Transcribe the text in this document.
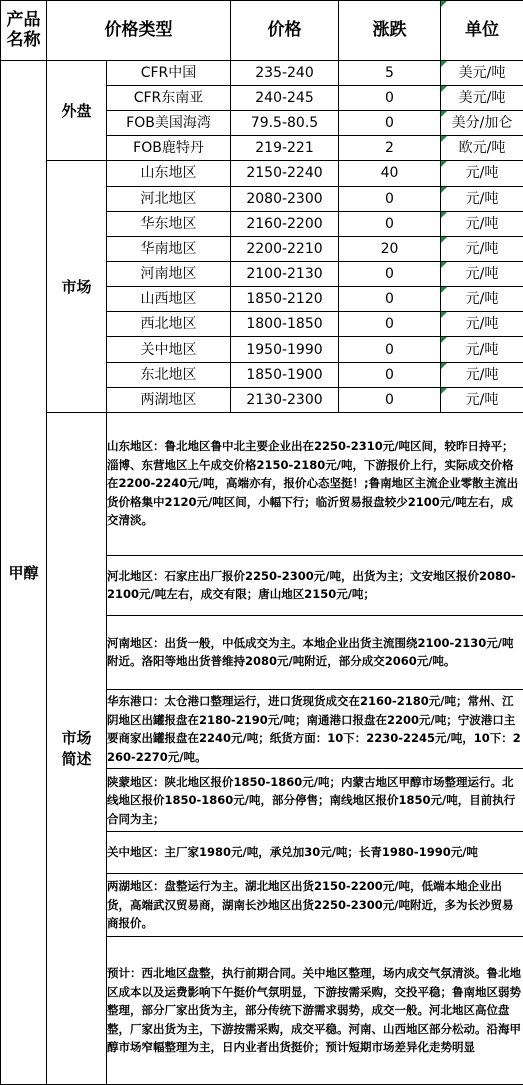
产品
名称	价格类型		价格	涨跌	单位
甲醇	外盘	CFR中国	235-240	5	美元/吨
		CFR东南亚	240-245	0	美元/吨
		FOB美国海湾	79.5-80.5	0	美分/加仑
		FOB鹿特丹	219-221	2	欧元/吨
	市场	山东地区	2150-2240	40	元/吨
		河北地区	2080-2300	0	元/吨
		华东地区	2160-2200	0	元/吨
		华南地区	2200-2210	20	元/吨
		河南地区	2100-2130	0	元/吨
		山西地区	1850-2120	0	元/吨
		西北地区	1800-1850	0	元/吨
		关中地区	1950-1990	0	元/吨
		东北地区	1850-1900	0	元/吨
		两湖地区	2130-2300	0	元/吨

	市场
简述	山东地区：鲁北地区鲁中北主要企业出在2250-2310元/吨区间，较昨日持平；淄博、东营地区上午成交价格2150-2180元/吨，下游报价上行，实际成交价格在2200-2240元/吨，高端亦有，报价心态坚挺！;鲁南地区主流企业零散主流出货价格集中2120元/吨区间，小幅下行；临沂贸易报盘较少2100元/吨左右，成交清淡。			
		河北地区：石家庄出厂报价2250-2300元/吨，出货为主；文安地区报价2080-2100元/吨左右，成交有限；唐山地区2150元/吨；			
		河南地区：出货一般，中低成交为主。本地企业出货主流围绕2100-2130元/吨附近。洛阳等地出货普维持2080元/吨附近，部分成交2060元/吨。			
		华东港口：太仓港口整理运行，进口货现货成交在2160-2180元/吨；常州、江阴地区出罐报盘在2180-2190元/吨；南通港口报盘在2200元/吨；宁波港口主要商家出罐报盘在2240元/吨；纸货方面：10下：2230-2245元/吨，10下：2260-2270元/吨。			
		陕蒙地区：陕北地区报价1850-1860元/吨；内蒙古地区甲醇市场整理运行。北线地区报价1850-1860元/吨，部分停售；南线地区报价1850元/吨，目前执行合同为主；			
		关中地区：主厂家1980元/吨，承兑加30元/吨；长青1980-1990元/吨			
		两湖地区：盘整运行为主。湖北地区出货2150-2200元/吨，低端本地企业出货，高端武汉贸易商，湖南长沙地区出货2250-2300元/吨附近，多为长沙贸易商报价。			
		预计：西北地区盘整，执行前期合同。关中地区整理，场内成交气氛清淡。鲁北地区成本以及运费影响下午挺价气氛明显，下游按需采购，交投平稳；鲁南地区弱势整理，部分厂家出货为主，部分传统下游需求弱势，成交一般。河北地区高位盘整，厂家出货为主，下游按需采购，成交平稳。河南、山西地区部分松动。沿海甲醇市场窄幅整理为主，日内业者出货挺价；预计短期市场差异化走势明显			
